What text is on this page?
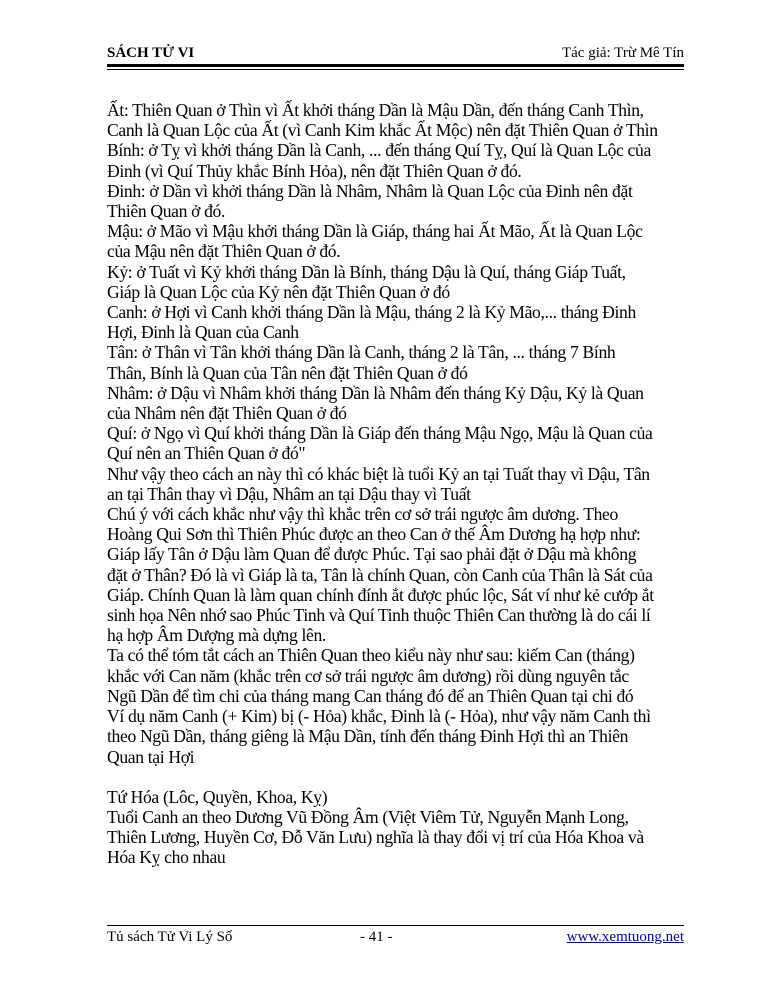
SÁCH TỬ VI	Tác giả: Trừ Mê Tín

Ất: Thiên Quan ở Thìn vì Ất khởi tháng Dần là Mậu Dần, đến tháng Canh Thìn,

Canh là Quan Lộc của Ất (vì Canh Kim khắc Ất Mộc) nên đặt Thiên Quan ở Thìn

Bính: ở Tỵ vì khởi tháng Dần là Canh, ... đến tháng Quí Tỵ, Quí là Quan Lộc của

Đinh (vì Quí Thủy khắc Bính Hỏa), nên đặt Thiên Quan ở đó.

Đinh: ở Dần vì khởi tháng Dần là Nhâm, Nhâm là Quan Lộc của Đinh nên đặt

Thiên Quan ở đó.

Mậu: ở Mão vì Mậu khởi tháng Dần là Giáp, tháng hai Ất Mão, Ất là Quan Lộc

của Mậu nên đặt Thiên Quan ở đó.

Kỷ: ở Tuất vì Kỷ khởi tháng Dần là Bính, tháng Dậu là Quí, tháng Giáp Tuất,

Giáp là Quan Lộc của Kỷ nên đặt Thiên Quan ở đó

Canh: ở Hợi vì Canh khởi tháng Dần là Mậu, tháng 2 là Kỷ Mão,... tháng Đinh

Hợi, Đinh là Quan của Canh

Tân: ở Thân vì Tân khởi tháng Dần là Canh, tháng 2 là Tân, ... tháng 7 Bính

Thân, Bính là Quan của Tân nên đặt Thiên Quan ở đó

Nhâm: ở Dậu vì Nhâm khởi tháng Dần là Nhâm đến tháng Kỷ Dậu, Kỷ là Quan

của Nhâm nên đặt Thiên Quan ở đó

Quí: ở Ngọ vì Quí khởi tháng Dần là Giáp đến tháng Mậu Ngọ, Mậu là Quan của

Quí nên an Thiên Quan ở đó"

Như vậy theo cách an này thì có khác biệt là tuổi Kỷ an tại Tuất thay vì Dậu, Tân

an tại Thân thay vì Dậu, Nhâm an tại Dậu thay vì Tuất

Chú ý với cách khắc như vậy thì khắc trên cơ sở trái ngược âm dương. Theo

Hoàng Qui Sơn thì Thiên Phúc được an theo Can ở thế Âm Dương hạ hợp như:

Giáp lấy Tân ở Dậu làm Quan để được Phúc. Tại sao phải đặt ở Dậu mà không

đặt ở Thân? Đó là vì Giáp là ta, Tân là chính Quan, còn Canh của Thân là Sát của

Giáp. Chính Quan là làm quan chính đính ắt được phúc lộc, Sát ví như kẻ cướp ắt

sinh họa Nên nhớ sao Phúc Tinh và Quí Tinh thuộc Thiên Can thường là do cái lí

hạ hợp Âm Dượng mà dựng lên.

Ta có thể tóm tắt cách an Thiên Quan theo kiểu này như sau: kiếm Can (tháng)

khắc với Can năm (khắc trên cơ sở trái ngược âm dương) rồi dùng nguyên tắc

Ngũ Dần để tìm chi của tháng mang Can tháng đó để an Thiên Quan tại chi đó

Ví dụ năm Canh (+ Kim) bị (- Hỏa) khắc, Đinh là (- Hỏa), như vậy năm Canh thì

theo Ngũ Dần, tháng giêng là Mậu Dần, tính đến tháng Đinh Hợi thì an Thiên

Quan tại Hợi

Tứ Hóa (Lôc, Quyền, Khoa, Kỵ)

Tuổi Canh an theo Dương Vũ Đồng Âm (Việt Viêm Tử, Nguyễn Mạnh Long,

Thiên Lương, Huyền Cơ, Đỗ Văn Lưu) nghĩa là thay đổi vị trí của Hóa Khoa và

Hóa Kỵ cho nhau

Tủ sách Tử Vi Lý Số	- 41 -	www.xemtuong.net
